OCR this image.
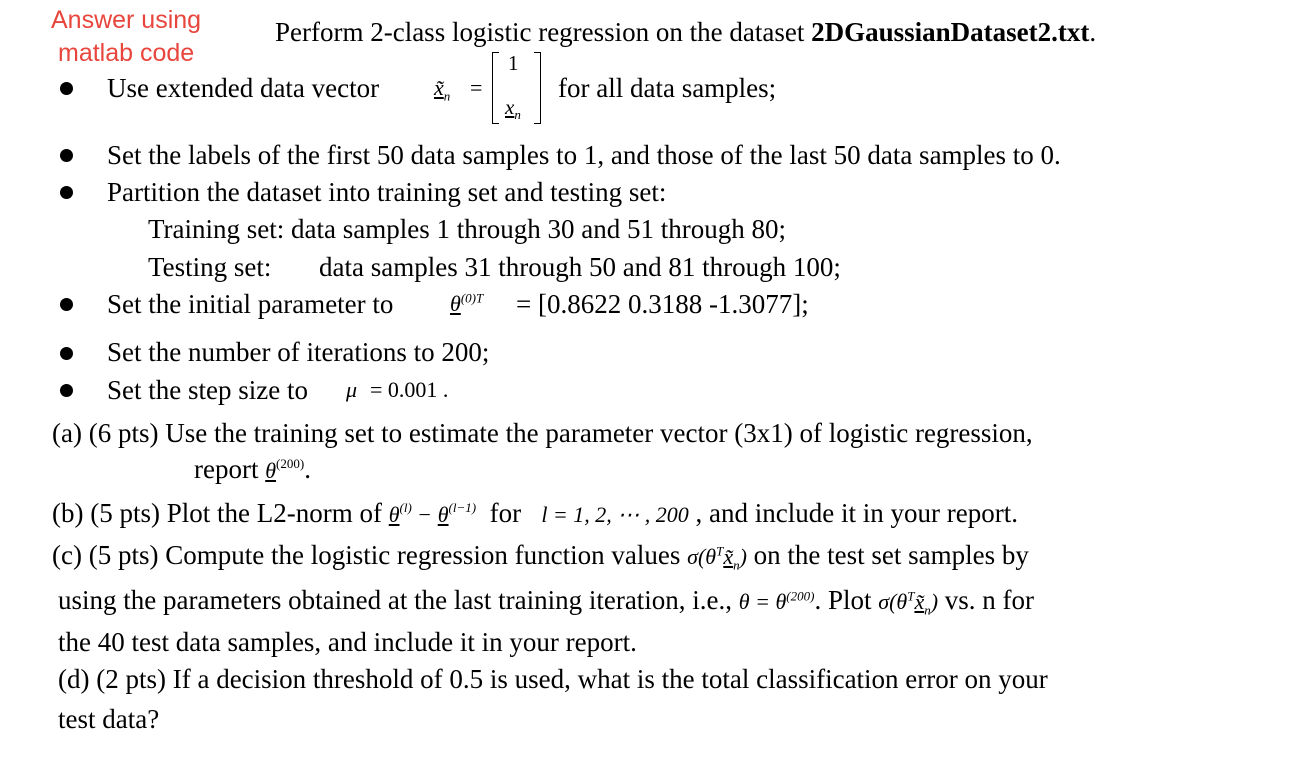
Answer using
matlab code
Perform 2-class logistic regression on the dataset 2DGaussianDataset2.txt.
Use extended data vector $x̃_n$ =
1
$x_n$
for all data samples;
Set the labels of the first 50 data samples to 1, and those of the last 50 data samples to 0.
Partition the dataset into training set and testing set:
Training set: data samples 1 through 30 and 51 through 80;
Testing set: data samples 31 through 50 and 81 through 100;
Set the initial parameter to	$\theta^{(0)T} = [0.8622$ 0.3188 -1.3077];
Set the number of iterations to 200;
Set the step size to μ = 0.001 .
(a) (6 pts) Use the training set to estimate the parameter vector (3x1) of logistic regression,
report $\theta^{(200)}$.
(b) (5 pts) Plot the L2-norm of $\theta^{(l)} - \theta^{(l-1)}$ for l = 1, 2, ⋯ , 200 , and include it in your report.
(c) (5 pts) Compute the logistic regression function values $\sigma(\theta^Tx̃_n)$ on the test set samples by
using the parameters obtained at the last training iteration, i.e., $\theta = \theta^{(200)}$. Plot $\sigma(\theta^Tx̃_n)$ vs. n for
the 40 test data samples, and include it in your report.
(d) (2 pts) If a decision threshold of 0.5 is used, what is the total classification error on your
test data?
